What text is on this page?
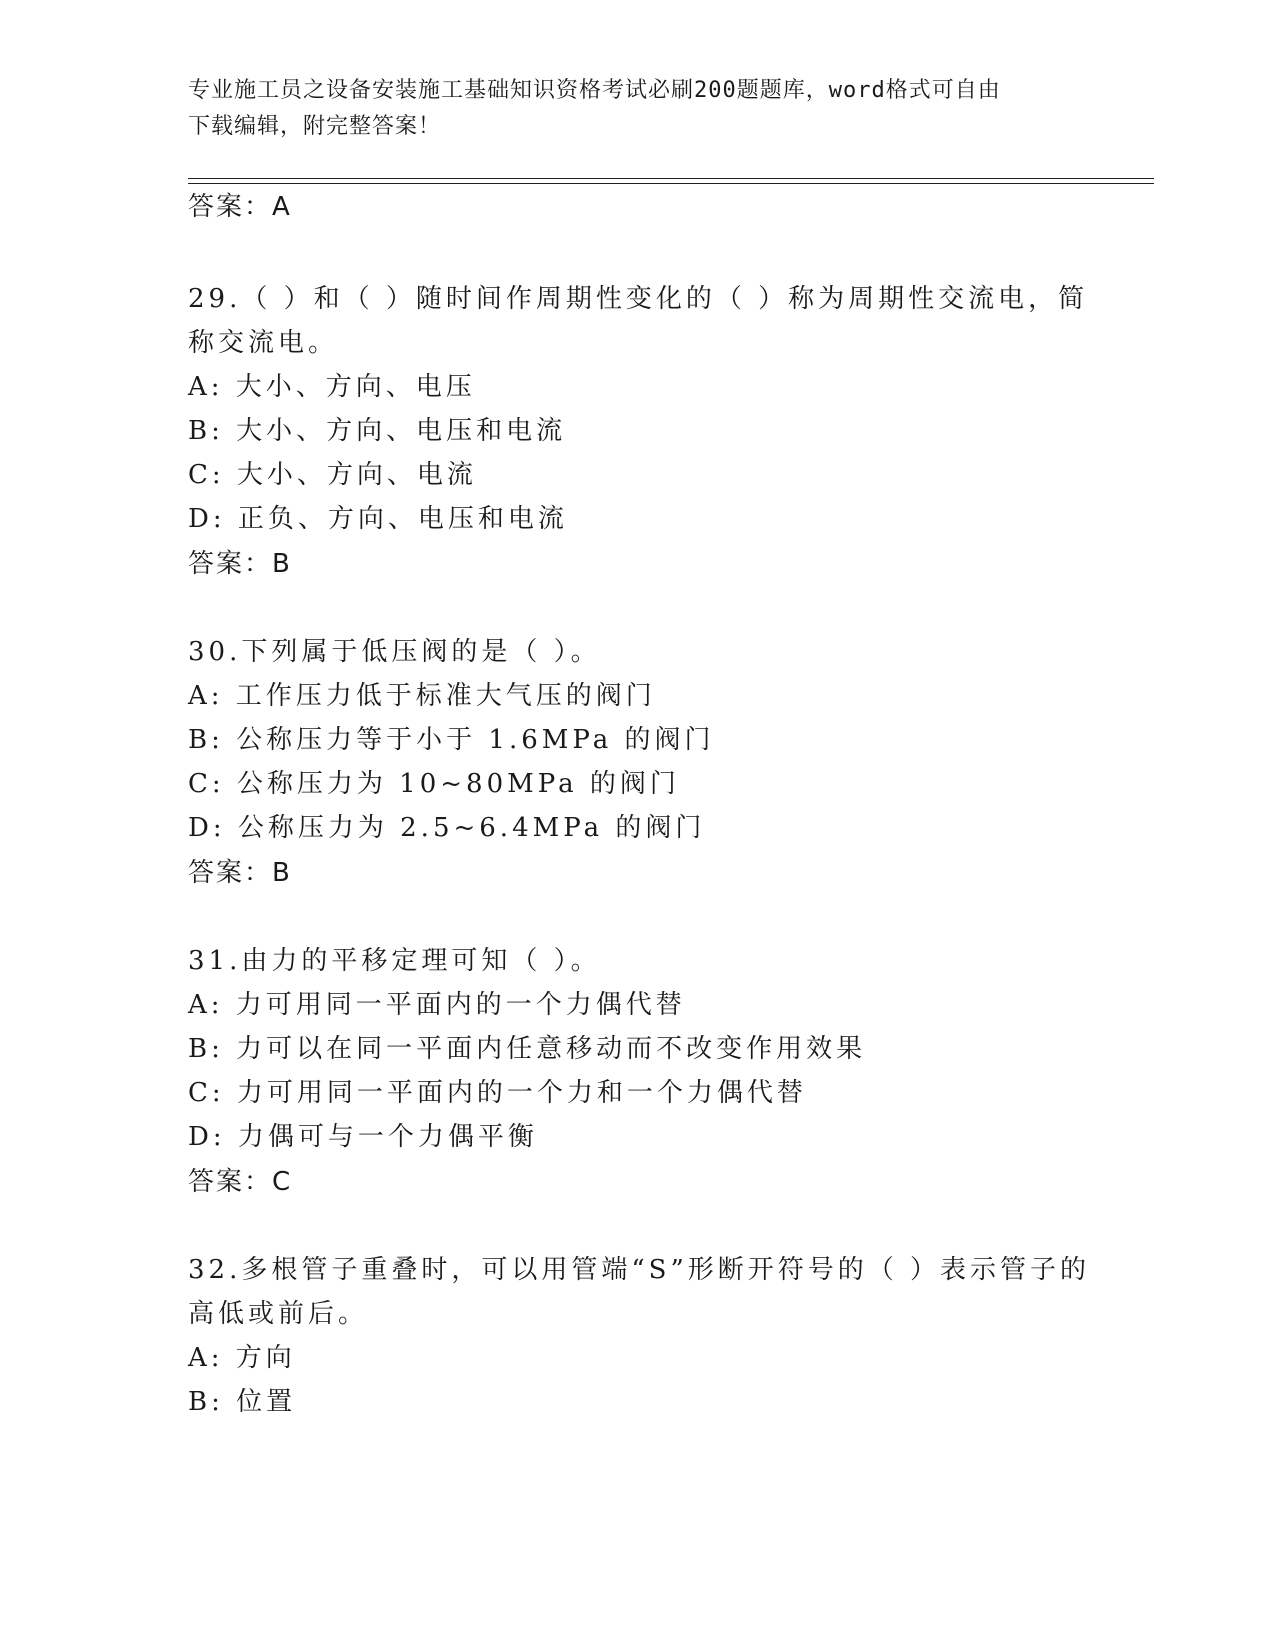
专业施工员之设备安装施工基础知识资格考试必刷200题题库，word格式可自由
下载编辑，附完整答案！
答案：A
29.（ ）和（ ）随时间作周期性变化的（ ）称为周期性交流电，简
称交流电。
A: 大小、方向、电压
B: 大小、方向、电压和电流
C: 大小、方向、电流
D: 正负、方向、电压和电流
答案：B
30.下列属于低压阀的是（ ）。
A: 工作压力低于标准大气压的阀门
B: 公称压力等于小于 1.6MPa 的阀门
C: 公称压力为 10~80MPa 的阀门
D: 公称压力为 2.5~6.4MPa 的阀门
答案：B
31.由力的平移定理可知（ ）。
A: 力可用同一平面内的一个力偶代替
B: 力可以在同一平面内任意移动而不改变作用效果
C: 力可用同一平面内的一个力和一个力偶代替
D: 力偶可与一个力偶平衡
答案：C
32.多根管子重叠时，可以用管端“S”形断开符号的（ ）表示管子的
高低或前后。
A: 方向
B: 位置
